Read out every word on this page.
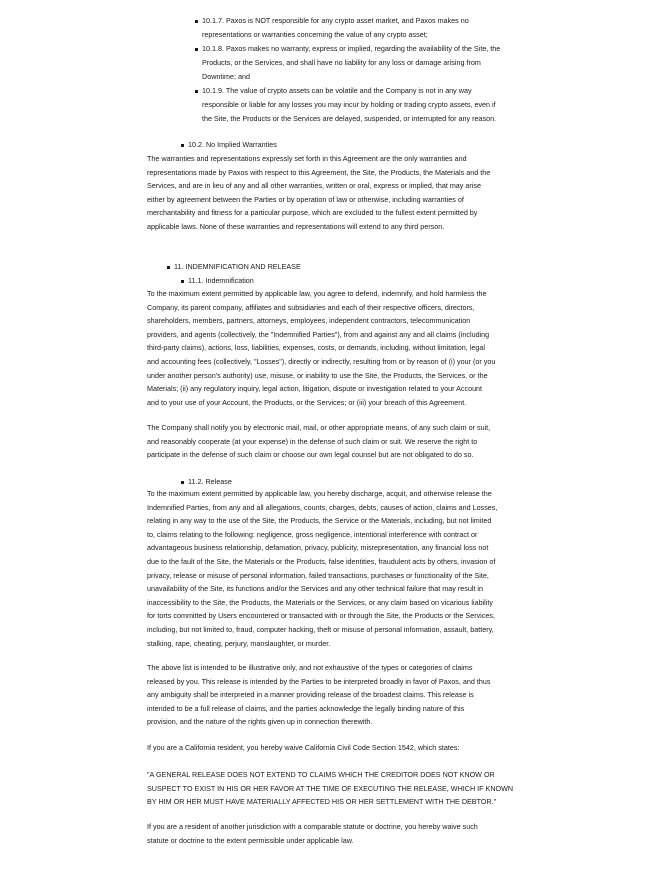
10.1.7. Paxos is NOT responsible for any crypto asset market, and Paxos makes no
representations or warranties concerning the value of any crypto asset;
10.1.8. Paxos makes no warranty, express or implied, regarding the availability of the Site, the
Products, or the Services, and shall have no liability for any loss or damage arising from
Downtime; and
10.1.9. The value of crypto assets can be volatile and the Company is not in any way
responsible or liable for any losses you may incur by holding or trading crypto assets, even if
the Site, the Products or the Services are delayed, suspended, or interrupted for any reason.
10.2. No Implied Warranties
The warranties and representations expressly set forth in this Agreement are the only warranties and
representations made by Paxos with respect to this Agreement, the Site, the Products, the Materials and the
Services, and are in lieu of any and all other warranties, written or oral, express or implied, that may arise
either by agreement between the Parties or by operation of law or otherwise, including warranties of
merchantability and fitness for a particular purpose, which are excluded to the fullest extent permitted by
applicable laws. None of these warranties and representations will extend to any third person.
11. INDEMNIFICATION AND RELEASE
11.1. Indemnification
To the maximum extent permitted by applicable law, you agree to defend, indemnify, and hold harmless the
Company, its parent company, affiliates and subsidiaries and each of their respective officers, directors,
shareholders, members, partners, attorneys, employees, independent contractors, telecommunication
providers, and agents (collectively, the "Indemnified Parties"), from and against any and all claims (including
third-party claims), actions, loss, liabilities, expenses, costs, or demands, including, without limitation, legal
and accounting fees (collectively, "Losses"), directly or indirectly, resulting from or by reason of (i) your (or you
under another person's authority) use, misuse, or inability to use the Site, the Products, the Services, or the
Materials; (ii) any regulatory inquiry, legal action, litigation, dispute or investigation related to your Account
and to your use of your Account, the Products, or the Services; or (iii) your breach of this Agreement.
The Company shall notify you by electronic mail, mail, or other appropriate means, of any such claim or suit,
and reasonably cooperate (at your expense) in the defense of such claim or suit. We reserve the right to
participate in the defense of such claim or choose our own legal counsel but are not obligated to do so.
11.2. Release
To the maximum extent permitted by applicable law, you hereby discharge, acquit, and otherwise release the
Indemnified Parties, from any and all allegations, counts, charges, debts, causes of action, claims and Losses,
relating in any way to the use of the Site, the Products, the Service or the Materials, including, but not limited
to, claims relating to the following: negligence, gross negligence, intentional interference with contract or
advantageous business relationship, defamation, privacy, publicity, misrepresentation, any financial loss not
due to the fault of the Site, the Materials or the Products, false identities, fraudulent acts by others, invasion of
privacy, release or misuse of personal information, failed transactions, purchases or functionality of the Site,
unavailability of the Site, its functions and/or the Services and any other technical failure that may result in
inaccessibility to the Site, the Products, the Materials or the Services, or any claim based on vicarious liability
for torts committed by Users encountered or transacted with or through the Site, the Products or the Services,
including, but not limited to, fraud, computer hacking, theft or misuse of personal information, assault, battery,
stalking, rape, cheating, perjury, manslaughter, or murder.
The above list is intended to be illustrative only, and not exhaustive of the types or categories of claims
released by you. This release is intended by the Parties to be interpreted broadly in favor of Paxos, and thus
any ambiguity shall be interpreted in a manner providing release of the broadest claims. This release is
intended to be a full release of claims, and the parties acknowledge the legally binding nature of this
provision, and the nature of the rights given up in connection therewith.
If you are a California resident, you hereby waive California Civil Code Section 1542, which states:
"A GENERAL RELEASE DOES NOT EXTEND TO CLAIMS WHICH THE CREDITOR DOES NOT KNOW OR
SUSPECT TO EXIST IN HIS OR HER FAVOR AT THE TIME OF EXECUTING THE RELEASE, WHICH IF KNOWN
BY HIM OR HER MUST HAVE MATERIALLY AFFECTED HIS OR HER SETTLEMENT WITH THE DEBTOR."
If you are a resident of another jurisdiction with a comparable statute or doctrine, you hereby waive such
statute or doctrine to the extent permissible under applicable law.
